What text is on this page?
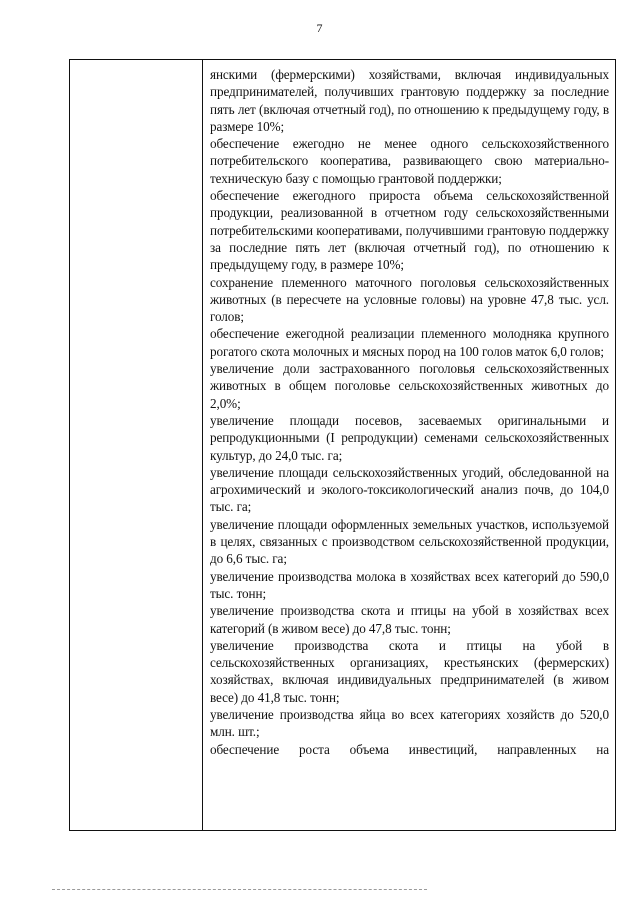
7

янскими (фермерскими) хозяйствами, включая индивидуальных предпринимателей, получивших грантовую поддержку за последние пять лет (включая отчетный год), по отношению к предыдущему году, в размере 10%;

обеспечение ежегодно не менее одного сельскохозяйственного потребительского кооператива, развивающего свою материально-техническую базу с помощью грантовой поддержки;

обеспечение ежегодного прироста объема сельскохозяйственной продукции, реализованной в отчетном году сельскохозяйственными потребительскими кооперативами, получившими грантовую поддержку за последние пять лет (включая отчетный год), по отношению к предыдущему году, в размере 10%;

сохранение племенного маточного поголовья сельскохозяйственных животных (в пересчете на условные головы) на уровне 47,8 тыс. усл. голов;

обеспечение ежегодной реализации племенного молодняка крупного рогатого скота молочных и мясных пород на 100 голов маток 6,0 голов;

увеличение доли застрахованного поголовья сельскохозяйственных животных в общем поголовье сельскохозяйственных животных до 2,0%;

увеличение площади посевов, засеваемых оригинальными и репродукционными (I репродукции) семенами сельскохозяйственных культур, до 24,0 тыс. га;

увеличение площади сельскохозяйственных угодий, обследованной на агрохимический и эколого-токсикологический анализ почв, до 104,0 тыс. га;

увеличение площади оформленных земельных участков, используемой в целях, связанных с производством сельскохозяйственной продукции, до 6,6 тыс. га;

увеличение производства молока в хозяйствах всех категорий до 590,0 тыс. тонн;

увеличение производства скота и птицы на убой в хозяйствах всех категорий (в живом весе) до 47,8 тыс. тонн;

увеличение производства скота и птицы на убой в сельскохозяйственных организациях, крестьянских (фермерских) хозяйствах, включая индивидуальных предпринимателей (в живом весе) до 41,8 тыс. тонн;

увеличение производства яйца во всех категориях хозяйств до 520,0 млн. шт.;

обеспечение роста объема инвестиций, направленных на
